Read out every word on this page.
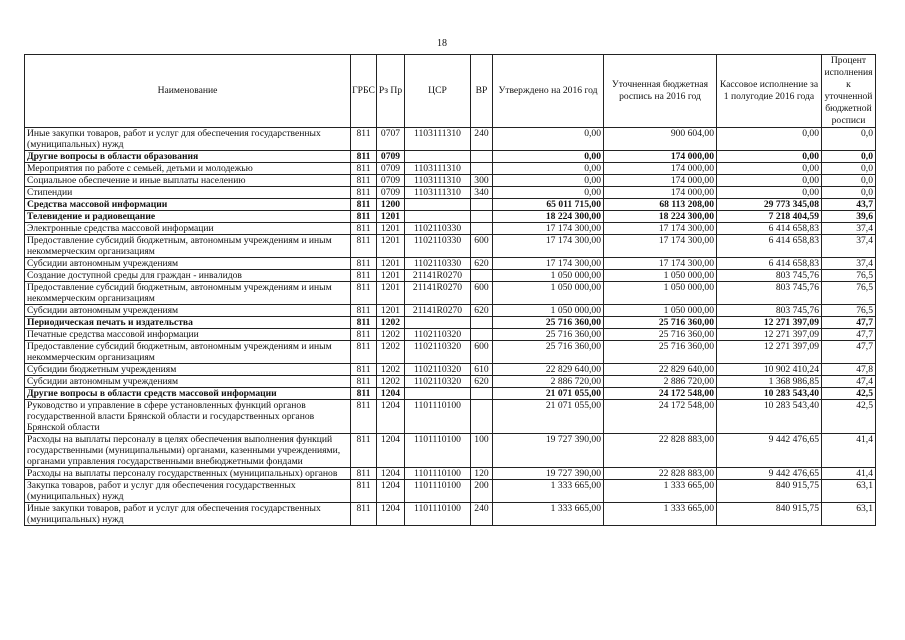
18
Наименование	ГРБС	Рз Пр	ЦСР	ВР	Утверждено на 2016 год	Уточненная бюджетная роспись на 2016 год	Кассовое исполнение за 1 полугодие 2016 года	Процент исполнения к уточненной бюджетной росписи
Иные закупки товаров, работ и услуг для обеспечения государственных (муниципальных) нужд	811	0707	1103111310	240	0,00	900 604,00	0,00	0,0
Другие вопросы в области образования	811	0709			0,00	174 000,00	0,00	0,0
Мероприятия по работе с семьей, детьми и молодежью	811	0709	1103111310		0,00	174 000,00	0,00	0,0
Социальное обеспечение и иные выплаты населению	811	0709	1103111310	300	0,00	174 000,00	0,00	0,0
Стипендии	811	0709	1103111310	340	0,00	174 000,00	0,00	0,0
Средства массовой информации	811	1200			65 011 715,00	68 113 208,00	29 773 345,08	43,7
Телевидение и радиовещание	811	1201			18 224 300,00	18 224 300,00	7 218 404,59	39,6
Электронные средства массовой информации	811	1201	1102110330		17 174 300,00	17 174 300,00	6 414 658,83	37,4
Предоставление субсидий бюджетным, автономным учреждениям и иным некоммерческим организациям	811	1201	1102110330	600	17 174 300,00	17 174 300,00	6 414 658,83	37,4
Субсидии автономным учреждениям	811	1201	1102110330	620	17 174 300,00	17 174 300,00	6 414 658,83	37,4
Создание доступной среды для граждан - инвалидов	811	1201	21141R0270		1 050 000,00	1 050 000,00	803 745,76	76,5
Предоставление субсидий бюджетным, автономным учреждениям и иным некоммерческим организациям	811	1201	21141R0270	600	1 050 000,00	1 050 000,00	803 745,76	76,5
Субсидии автономным учреждениям	811	1201	21141R0270	620	1 050 000,00	1 050 000,00	803 745,76	76,5
Периодическая печать и издательства	811	1202			25 716 360,00	25 716 360,00	12 271 397,09	47,7
Печатные средства массовой информации	811	1202	1102110320		25 716 360,00	25 716 360,00	12 271 397,09	47,7
Предоставление субсидий бюджетным, автономным учреждениям и иным некоммерческим организациям	811	1202	1102110320	600	25 716 360,00	25 716 360,00	12 271 397,09	47,7
Субсидии бюджетным учреждениям	811	1202	1102110320	610	22 829 640,00	22 829 640,00	10 902 410,24	47,8
Субсидии автономным учреждениям	811	1202	1102110320	620	2 886 720,00	2 886 720,00	1 368 986,85	47,4
Другие вопросы в области средств массовой информации	811	1204			21 071 055,00	24 172 548,00	10 283 543,40	42,5
Руководство и управление в сфере установленных функций органов государственной власти Брянской области и государственных органов Брянской области	811	1204	1101110100		21 071 055,00	24 172 548,00	10 283 543,40	42,5
Расходы на выплаты персоналу в целях обеспечения выполнения функций государственными (муниципальными) органами, казенными учреждениями, органами управления государственными внебюджетными фондами	811	1204	1101110100	100	19 727 390,00	22 828 883,00	9 442 476,65	41,4
Расходы на выплаты персоналу государственных (муниципальных) органов	811	1204	1101110100	120	19 727 390,00	22 828 883,00	9 442 476,65	41,4
Закупка товаров, работ и услуг для обеспечения государственных (муниципальных) нужд	811	1204	1101110100	200	1 333 665,00	1 333 665,00	840 915,75	63,1
Иные закупки товаров, работ и услуг для обеспечения государственных (муниципальных) нужд	811	1204	1101110100	240	1 333 665,00	1 333 665,00	840 915,75	63,1
